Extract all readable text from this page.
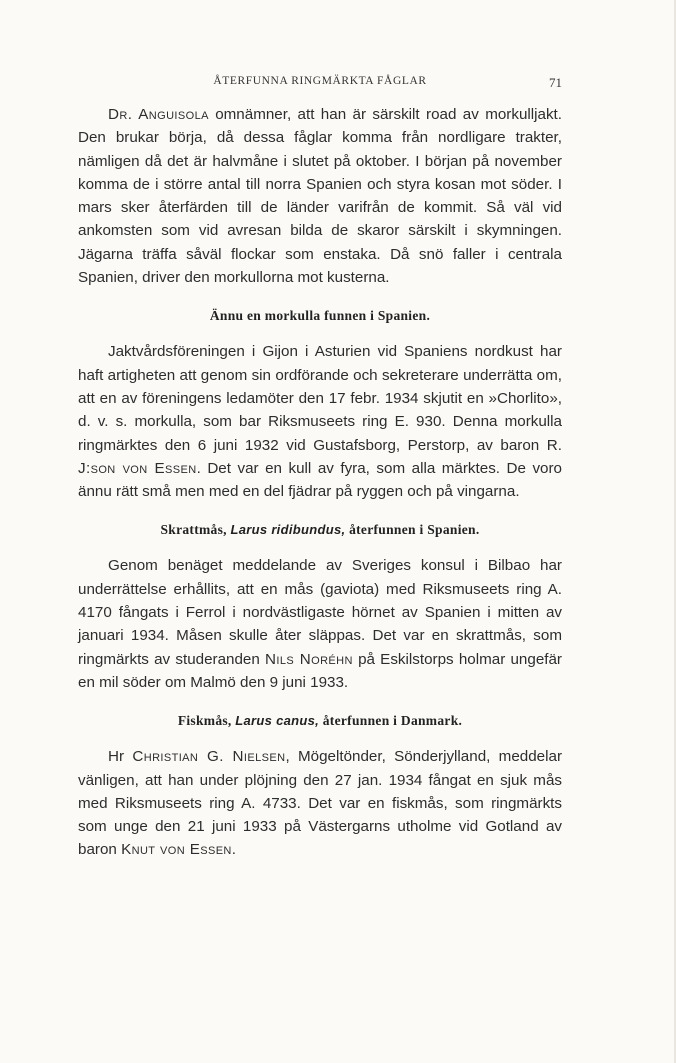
ÅTERFUNNA RINGMÄRKTA FÅGLAR	71

Dr. Anguisola omnämner, att han är särskilt road av morkulljakt. Den brukar börja, då dessa fåglar komma från nordligare trakter, nämligen då det är halvmåne i slutet på oktober. I början på november komma de i större antal till norra Spanien och styra kosan mot söder. I mars sker återfärden till de länder varifrån de kommit. Så väl vid ankomsten som vid avresan bilda de skaror särskilt i skymningen. Jägarna träffa såväl flockar som enstaka. Då snö faller i centrala Spanien, driver den morkullorna mot kusterna.

Ännu en morkulla funnen i Spanien.

Jaktvårdsföreningen i Gijon i Asturien vid Spaniens nordkust har haft artigheten att genom sin ordförande och sekreterare underrätta om, att en av föreningens ledamöter den 17 febr. 1934 skjutit en »Chorlito», d. v. s. morkulla, som bar Riksmuseets ring E. 930. Denna morkulla ringmärktes den 6 juni 1932 vid Gustafsborg, Perstorp, av baron R. J:son von Essen. Det var en kull av fyra, som alla märktes. De voro ännu rätt små men med en del fjädrar på ryggen och på vingarna.

Skrattmås, Larus ridibundus, återfunnen i Spanien.

Genom benäget meddelande av Sveriges konsul i Bilbao har underrättelse erhållits, att en mås (gaviota) med Riksmuseets ring A. 4170 fångats i Ferrol i nordvästligaste hörnet av Spanien i mitten av januari 1934. Måsen skulle åter släppas. Det var en skrattmås, som ringmärkts av studeranden Nils Noréhn på Eskilstorps holmar ungefär en mil söder om Malmö den 9 juni 1933.

Fiskmås, Larus canus, återfunnen i Danmark.

Hr Christian G. Nielsen, Mögeltönder, Sönderjylland, meddelar vänligen, att han under plöjning den 27 jan. 1934 fångat en sjuk mås med Riksmuseets ring A. 4733. Det var en fiskmås, som ringmärkts som unge den 21 juni 1933 på Västergarns utholme vid Gotland av baron Knut von Essen.
